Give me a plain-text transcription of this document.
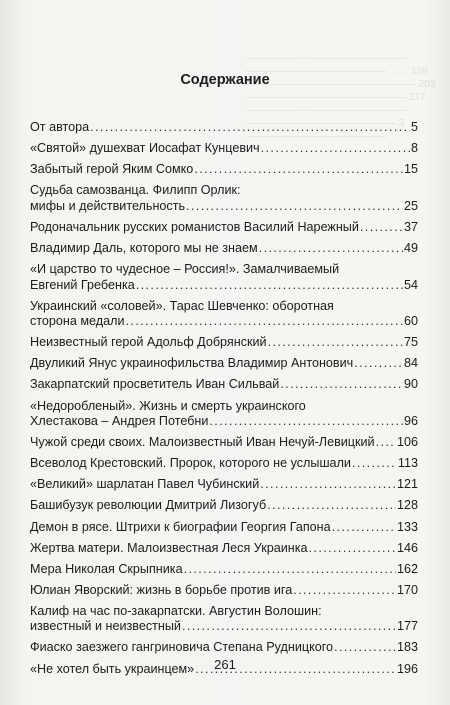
————————————————
—————————————— ....... 198
————————————————— 203
———————————————— 217
————————————————
——————————————— 3
——————————————
Содержание
От автора .....	5
«Святой» душехват Иосафат Кунцевич .....	8
Забытый герой Яким Сомко .....	15
Судьба самозванца. Филипп Орлик:
мифы и действительность .....	25
Родоначальник русских романистов Василий Нарежный .....	37
Владимир Даль, которого мы не знаем .....	49
«И царство то чудесное – Россия!». Замалчиваемый
Евгений Гребенка .....	54
Украинский «соловей». Тарас Шевченко: оборотная
сторона медали .....	60
Неизвестный герой Адольф Добрянский .....	75
Двуликий Янус украинофильства Владимир Антонович .....	84
Закарпатский просветитель Иван Сильвай .....	90
«Недоробленый». Жизнь и смерть украинского
Хлестакова – Андрея Потебни .....	96
Чужой среди своих. Малоизвестный Иван Нечуй-Левицкий ..... 106
Всеволод Крестовский. Пророк, которого не услышали .....	113
«Великий» шарлатан Павел Чубинский .....	121
Башибузук революции Дмитрий Лизогуб .....	128
Демон в рясе. Штрихи к биографии Георгия Гапона .....	133
Жертва матери. Малоизвестная Леся Украинка .....	146
Мера Николая Скрыпника .....	162
Юлиан Яворский: жизнь в борьбе против ига .....	170
Калиф на час по-закарпатски. Августин Волошин:
известный и неизвестный .....	177
Фиаско заезжего гангриновича Степана Рудницкого .....	183
«Не хотел быть украинцем» .....	196
261
